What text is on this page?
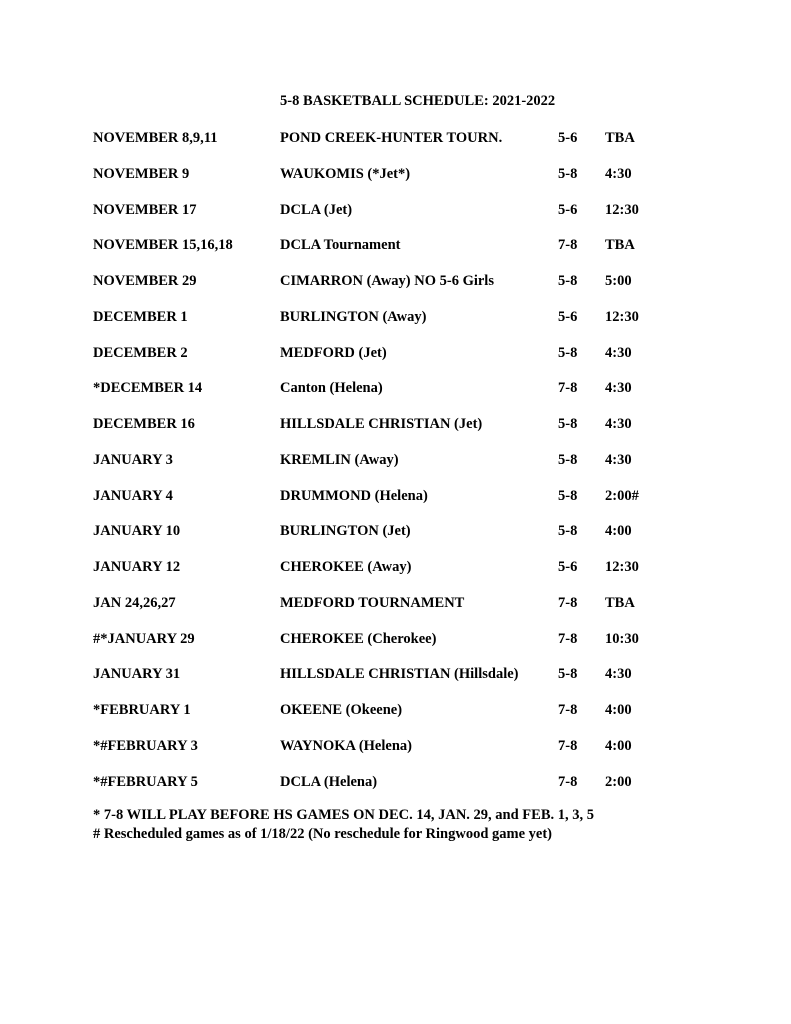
5-8 BASKETBALL SCHEDULE: 2021-2022
NOVEMBER 8,9,11	POND CREEK-HUNTER TOURN.	5-6 TBA
NOVEMBER 9	WAUKOMIS (*Jet*)	5-8 4:30
NOVEMBER 17	DCLA (Jet)	5-6 12:30
NOVEMBER 15,16,18	DCLA Tournament	7-8 TBA
NOVEMBER 29	CIMARRON (Away) NO 5-6 Girls	5-8 5:00
DECEMBER 1	BURLINGTON (Away)	5-6 12:30
DECEMBER 2	MEDFORD (Jet)	5-8 4:30
*DECEMBER 14	Canton (Helena)	7-8 4:30
DECEMBER 16	HILLSDALE CHRISTIAN (Jet)	5-8 4:30
JANUARY 3	KREMLIN (Away)	5-8 4:30
JANUARY 4	DRUMMOND (Helena)	5-8 2:00#
JANUARY 10	BURLINGTON (Jet)	5-8 4:00
JANUARY 12	CHEROKEE (Away)	5-6 12:30
JAN 24,26,27	MEDFORD TOURNAMENT	7-8 TBA
#*JANUARY 29	CHEROKEE (Cherokee)	7-8 10:30
JANUARY 31	HILLSDALE CHRISTIAN (Hillsdale)	5-8 4:30
*FEBRUARY 1	OKEENE (Okeene)	7-8 4:00
*#FEBRUARY 3	WAYNOKA (Helena)	7-8 4:00
*#FEBRUARY 5	DCLA (Helena)	7-8 2:00
* 7-8 WILL PLAY BEFORE HS GAMES ON DEC. 14, JAN. 29, and FEB. 1, 3, 5
# Rescheduled games as of 1/18/22 (No reschedule for Ringwood game yet)
